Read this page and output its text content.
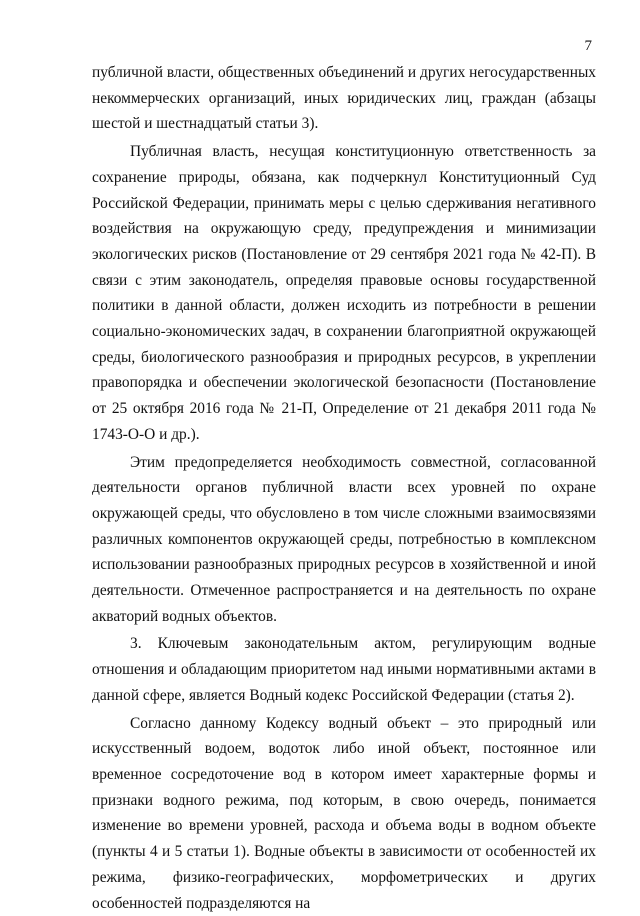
7

публичной власти, общественных объединений и других негосударственных некоммерческих организаций, иных юридических лиц, граждан (абзацы шестой и шестнадцатый статьи 3).

Публичная власть, несущая конституционную ответственность за сохранение природы, обязана, как подчеркнул Конституционный Суд Российской Федерации, принимать меры с целью сдерживания негативного воздействия на окружающую среду, предупреждения и минимизации экологических рисков (Постановление от 29 сентября 2021 года № 42-П). В связи с этим законодатель, определяя правовые основы государственной политики в данной области, должен исходить из потребности в решении социально-экономических задач, в сохранении благоприятной окружающей среды, биологического разнообразия и природных ресурсов, в укреплении правопорядка и обеспечении экологической безопасности (Постановление от 25 октября 2016 года № 21-П, Определение от 21 декабря 2011 года № 1743-О-О и др.).

Этим предопределяется необходимость совместной, согласованной деятельности органов публичной власти всех уровней по охране окружающей среды, что обусловлено в том числе сложными взаимосвязями различных компонентов окружающей среды, потребностью в комплексном использовании разнообразных природных ресурсов в хозяйственной и иной деятельности. Отмеченное распространяется и на деятельность по охране акваторий водных объектов.

3. Ключевым законодательным актом, регулирующим водные отношения и обладающим приоритетом над иными нормативными актами в данной сфере, является Водный кодекс Российской Федерации (статья 2).

Согласно данному Кодексу водный объект – это природный или искусственный водоем, водоток либо иной объект, постоянное или временное сосредоточение вод в котором имеет характерные формы и признаки водного режима, под которым, в свою очередь, понимается изменение во времени уровней, расхода и объема воды в водном объекте (пункты 4 и 5 статьи 1). Водные объекты в зависимости от особенностей их режима, физико-географических, морфометрических и других особенностей подразделяются на
